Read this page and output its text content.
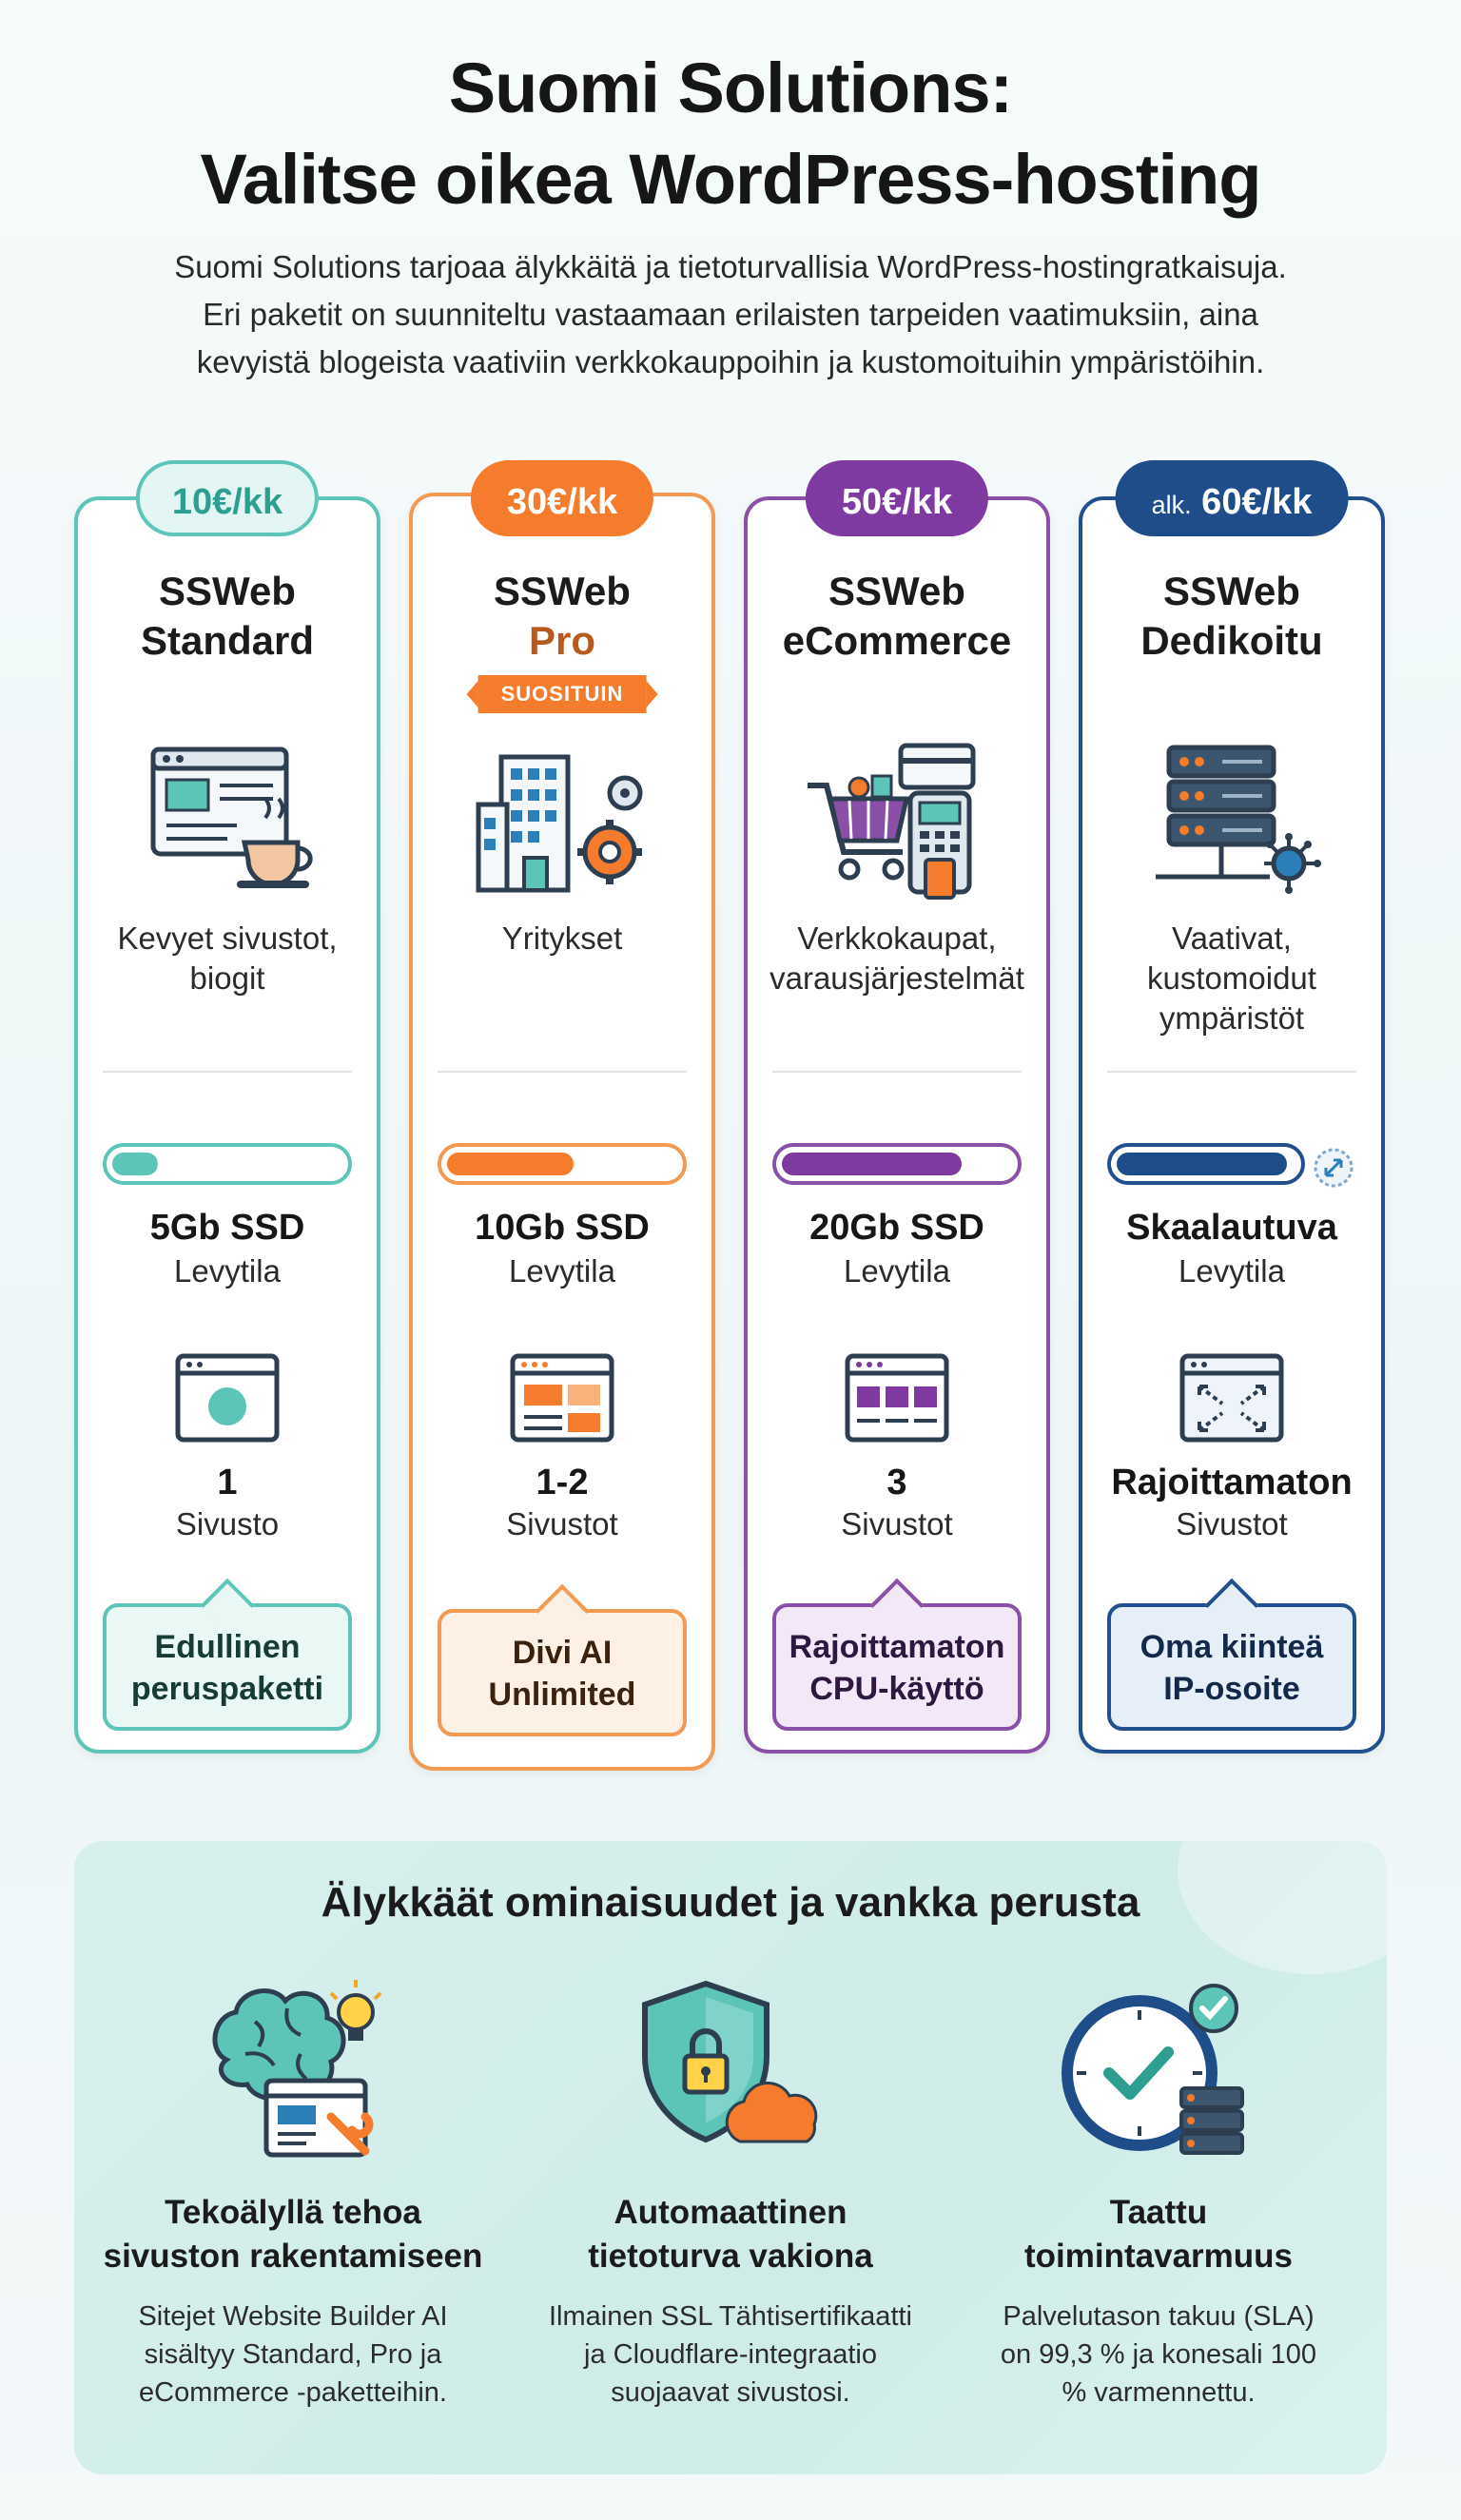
Suomi Solutions:
Valitse oikea WordPress-hosting

Suomi Solutions tarjoaa älykkäitä ja tietoturvallisia WordPress-hostingratkaisuja.
Eri paketit on suunniteltu vastaamaan erilaisten tarpeiden vaatimuksiin, aina
kevyistä blogeista vaativiin verkkokauppoihin ja kustomoituihin ympäristöihin.

10€/kk
SSWeb
Standard
Kevyet sivustot,
biogit
5Gb SSD
Levytila
1
Sivusto
Edullinen
peruspaketti
30€/kk
SSWeb
Pro
SUOSITUIN
Yritykset
10Gb SSD
Levytila
1-2
Sivustot
Divi AI
Unlimited
50€/kk
SSWeb
eCommerce
Verkkokaupat,
varausjärjestelmät
20Gb SSD
Levytila
3
Sivustot
Rajoittamaton
CPU-käyttö
alk. 60€/kk
SSWeb
Dedikoitu
Vaativat,
kustomoidut
ympäristöt
Skaalautuva
Levytila
Rajoittamaton
Sivustot
Oma kiinteä
IP-osoite
Älykkäät ominaisuudet ja vankka perusta
Tekoälyllä tehoa
sivuston rakentamiseen
Sitejet Website Builder AI
sisältyy Standard, Pro ja
eCommerce -paketteihin.
Automaattinen
tietoturva vakiona
Ilmainen SSL Tähtisertifikaatti
ja Cloudflare-integraatio
suojaavat sivustosi.
Taattu
toimintavarmuus
Palvelutason takuu (SLA)
on 99,3 % ja konesali 100
% varmennettu.
